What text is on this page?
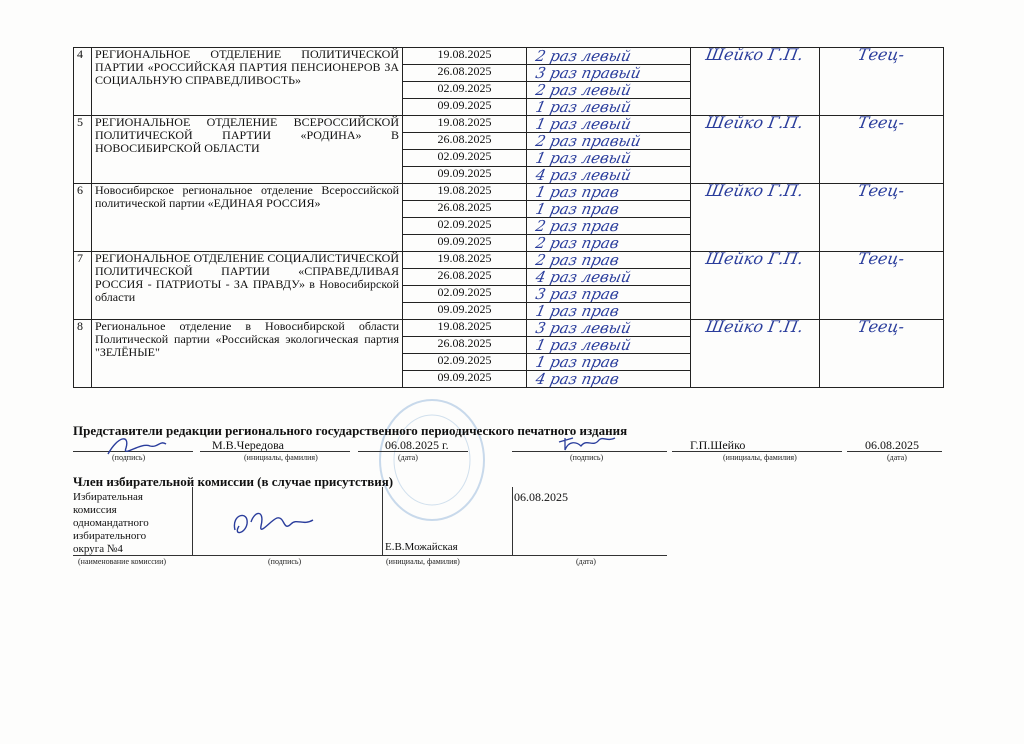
4	РЕГИОНАЛЬНОЕ ОТДЕЛЕНИЕ ПОЛИТИЧЕСКОЙ ПАРТИИ «РОССИЙСКАЯ ПАРТИЯ ПЕНСИОНЕРОВ ЗА СОЦИАЛЬНУЮ СПРАВЕДЛИВОСТЬ»	19.08.2025	2 раз левый	Шейко Г.П.	Теец-
		26.08.2025	3 раз правый		

		02.09.2025	2 раз левый		

		09.09.2025	1 раз левый		

5	РЕГИОНАЛЬНОЕ ОТДЕЛЕНИЕ ВСЕРОССИЙСКОЙ ПОЛИТИЧЕСКОЙ ПАРТИИ «РОДИНА» В НОВОСИБИРСКОЙ ОБЛАСТИ	19.08.2025	1 раз левый	Шейко Г.П.	Теец-
		26.08.2025	2 раз правый		

		02.09.2025	1 раз левый		

		09.09.2025	4 раз левый		

6	Новосибирское региональное отделение Всероссийской политической партии «ЕДИНАЯ РОССИЯ»	19.08.2025	1 раз прав	Шейко Г.П.	Теец-
		26.08.2025	1 раз прав		

		02.09.2025	2 раз прав		

		09.09.2025	2 раз прав		

7	РЕГИОНАЛЬНОЕ ОТДЕЛЕНИЕ СОЦИАЛИСТИЧЕСКОЙ ПОЛИТИЧЕСКОЙ ПАРТИИ «СПРАВЕДЛИВАЯ РОССИЯ - ПАТРИОТЫ - ЗА ПРАВДУ» в Новосибирской области	19.08.2025	2 раз прав	Шейко Г.П.	Теец-
		26.08.2025	4 раз левый		

		02.09.2025	3 раз прав		

		09.09.2025	1 раз прав		

8	Региональное отделение в Новосибирской области Политической партии «Российская экологическая партия "ЗЕЛЁНЫЕ"	19.08.2025	3 раз левый	Шейко Г.П.	Теец-
		26.08.2025	1 раз левый		

		02.09.2025	1 раз прав		

		09.09.2025	4 раз прав		
Представители редакции регионального государственного периодического печатного издания
М.В.Чередова	06.08.2025 г.	Г.П.Шейко	06.08.2025
(подпись)	(инициалы, фамилия)	(дата)	(подпись)	(инициалы, фамилия)	(дата)
Член избирательной комиссии (в случае присутствия)
Избирательная комиссия одномандатного избирательного округа №4
06.08.2025
Е.В.Можайская
(наименование комиссии)	(подпись)	(инициалы, фамилия)	(дата)
